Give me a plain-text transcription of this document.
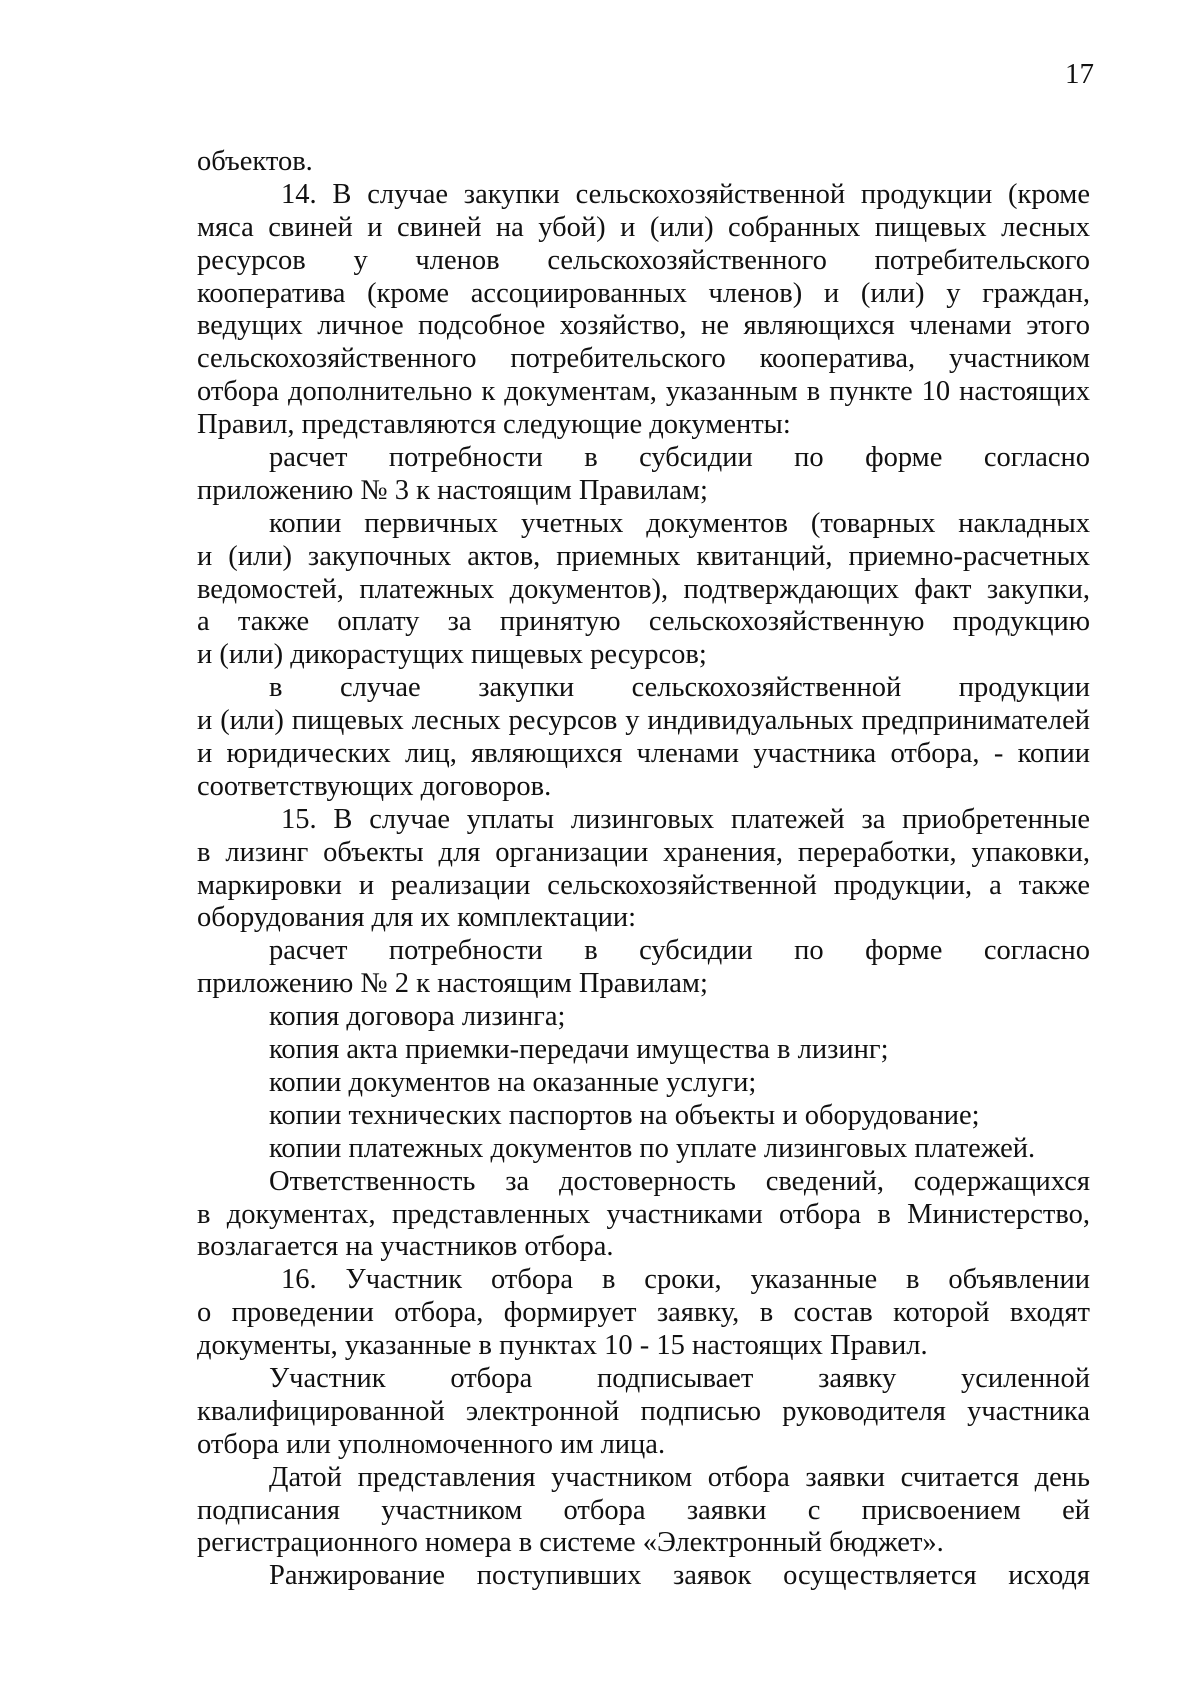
17
объектов.
14. В случае закупки сельскохозяйственной продукции (кроме
мяса свиней и свиней на убой) и (или) собранных пищевых лесных
ресурсов у членов сельскохозяйственного потребительского
кооператива (кроме ассоциированных членов) и (или) у граждан,
ведущих личное подсобное хозяйство, не являющихся членами этого
сельскохозяйственного потребительского кооператива, участником
отбора дополнительно к документам, указанным в пункте 10 настоящих
Правил, представляются следующие документы:
расчет потребности в субсидии по форме согласно
приложению № 3 к настоящим Правилам;
копии первичных учетных документов (товарных накладных
и (или) закупочных актов, приемных квитанций, приемно-расчетных
ведомостей, платежных документов), подтверждающих факт закупки,
а также оплату за принятую сельскохозяйственную продукцию
и (или) дикорастущих пищевых ресурсов;
в случае закупки сельскохозяйственной продукции
и (или) пищевых лесных ресурсов у индивидуальных предпринимателей
и юридических лиц, являющихся членами участника отбора, - копии
соответствующих договоров.
15. В случае уплаты лизинговых платежей за приобретенные
в лизинг объекты для организации хранения, переработки, упаковки,
маркировки и реализации сельскохозяйственной продукции, а также
оборудования для их комплектации:
расчет потребности в субсидии по форме согласно
приложению № 2 к настоящим Правилам;
копия договора лизинга;
копия акта приемки-передачи имущества в лизинг;
копии документов на оказанные услуги;
копии технических паспортов на объекты и оборудование;
копии платежных документов по уплате лизинговых платежей.
Ответственность за достоверность сведений, содержащихся
в документах, представленных участниками отбора в Министерство,
возлагается на участников отбора.
16. Участник отбора в сроки, указанные в объявлении
о проведении отбора, формирует заявку, в состав которой входят
документы, указанные в пунктах 10 - 15 настоящих Правил.
Участник отбора подписывает заявку усиленной
квалифицированной электронной подписью руководителя участника
отбора или уполномоченного им лица.
Датой представления участником отбора заявки считается день
подписания участником отбора заявки с присвоением ей
регистрационного номера в системе «Электронный бюджет».
Ранжирование поступивших заявок осуществляется исходя
